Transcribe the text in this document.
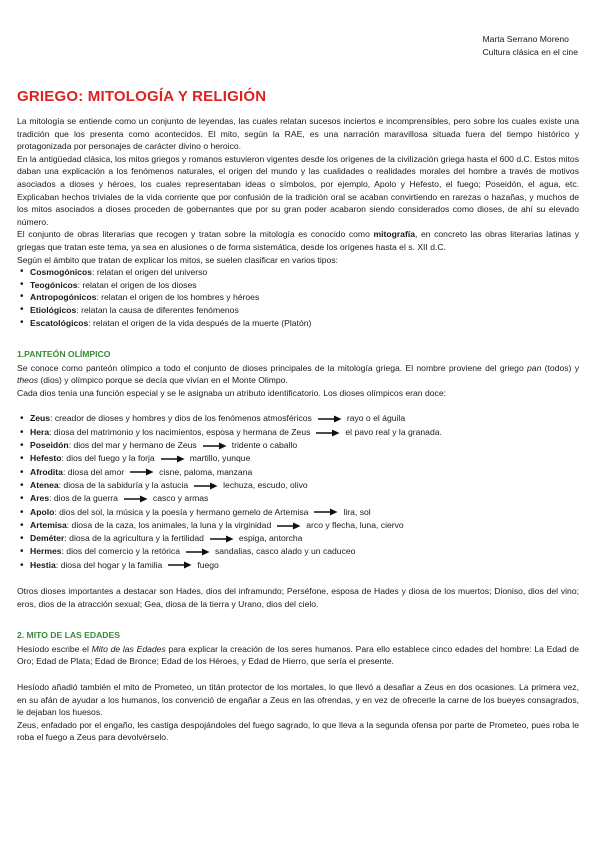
Marta Serrano Moreno
Cultura clásica en el cine
GRIEGO: MITOLOGÍA Y RELIGIÓN

La mitología se entiende como un conjunto de leyendas, las cuales relatan sucesos inciertos e incomprensibles, pero sobre los cuales existe una tradición que los presenta como acontecidos. El mito, según la RAE, es una narración maravillosa situada fuera del tiempo histórico y protagonizada por personajes de carácter divino o heroico.

En la antigüedad clásica, los mitos griegos y romanos estuvieron vigentes desde los orígenes de la civilización griega hasta el 600 d.C. Estos mitos daban una explicación a los fenómenos naturales, el origen del mundo y las cualidades o realidades morales del hombre a través de motivos asociados a dioses y héroes, los cuales representaban ideas o símbolos, por ejemplo, Apolo y Hefesto, el fuego; Poseidón, el agua, etc. Explicaban hechos triviales de la vida corriente que por confusión de la tradición oral se acaban convirtiendo en rarezas o hazañas, y muchos de los mitos asociados a dioses proceden de gobernantes que por su gran poder acabaron siendo considerados como dioses, de ahí su elevado número.

El conjunto de obras literarias que recogen y tratan sobre la mitología es conocido como mitografía, en concreto las obras literarias latinas y griegas que tratan este tema, ya sea en alusiones o de forma sistemática, desde los orígenes hasta el s. XII d.C.

Según el ámbito que tratan de explicar los mitos, se suelen clasificar en varios tipos:

• Cosmogónicos: relatan el origen del universo
• Teogónicos: relatan el origen de los dioses
• Antropogónicos: relatan el origen de los hombres y héroes
• Etiológicos: relatan la causa de diferentes fenómenos
• Escatológicos: relatan el origen de la vida después de la muerte (Platón)
1.PANTEÓN OLÍMPICO

Se conoce como panteón olímpico a todo el conjunto de dioses principales de la mitología griega. El nombre proviene del griego pan (todos) y theos (dios) y olímpico porque se decía que vivían en el Monte Olimpo.

Cada dios tenía una función especial y se le asignaba un atributo identificatorio. Los dioses olímpicos eran doce:

• Zeus: creador de dioses y hombres y dios de los fenómenos atmosféricos	rayo o el águila
• Hera: diosa del matrimonio y los nacimientos, esposa y hermana de Zeus	el pavo real y la granada.
• Poseidón: dios del mar y hermano de Zeus	tridente o caballo
• Hefesto: dios del fuego y la forja	martillo, yunque
• Afrodita: diosa del amor	cisne, paloma, manzana
• Atenea: diosa de la sabiduría y la astucia	lechuza, escudo, olivo
• Ares: dios de la guerra	casco y armas
• Apolo: dios del sol, la música y la poesía y hermano gemelo de Artemisa	lira, sol
• Artemisa: diosa de la caza, los animales, la luna y la virginidad	arco y flecha, luna, ciervo
• Deméter: diosa de la agricultura y la fertilidad	espiga, antorcha
• Hermes: dios del comercio y la retórica	sandalias, casco alado y un caduceo
• Hestia: diosa del hogar y la familia	fuego

Otros dioses importantes a destacar son Hades, dios del inframundo; Perséfone, esposa de Hades y diosa de los muertos; Dioniso, dios del vino; eros, dios de la atracción sexual; Gea, diosa de la tierra y Urano, dios del cielo.

2. MITO DE LAS EDADES

Hesíodo escribe el Mito de las Edades para explicar la creación de los seres humanos. Para ello establece cinco edades del hombre: La Edad de Oro; Edad de Plata; Edad de Bronce; Edad de los Héroes, y Edad de Hierro, que sería el presente.

Hesíodo añadió también el mito de Prometeo, un titán protector de los mortales, lo que llevó a desafiar a Zeus en dos ocasiones. La primera vez, en su afán de ayudar a los humanos, los convenció de engañar a Zeus en las ofrendas, y en vez de ofrecerle la carne de los bueyes consagrados, le dejaban los huesos.

Zeus, enfadado por el engaño, les castiga despojándoles del fuego sagrado, lo que lleva a la segunda ofensa por parte de Prometeo, pues roba le roba el fuego a Zeus para devolvérselo.
